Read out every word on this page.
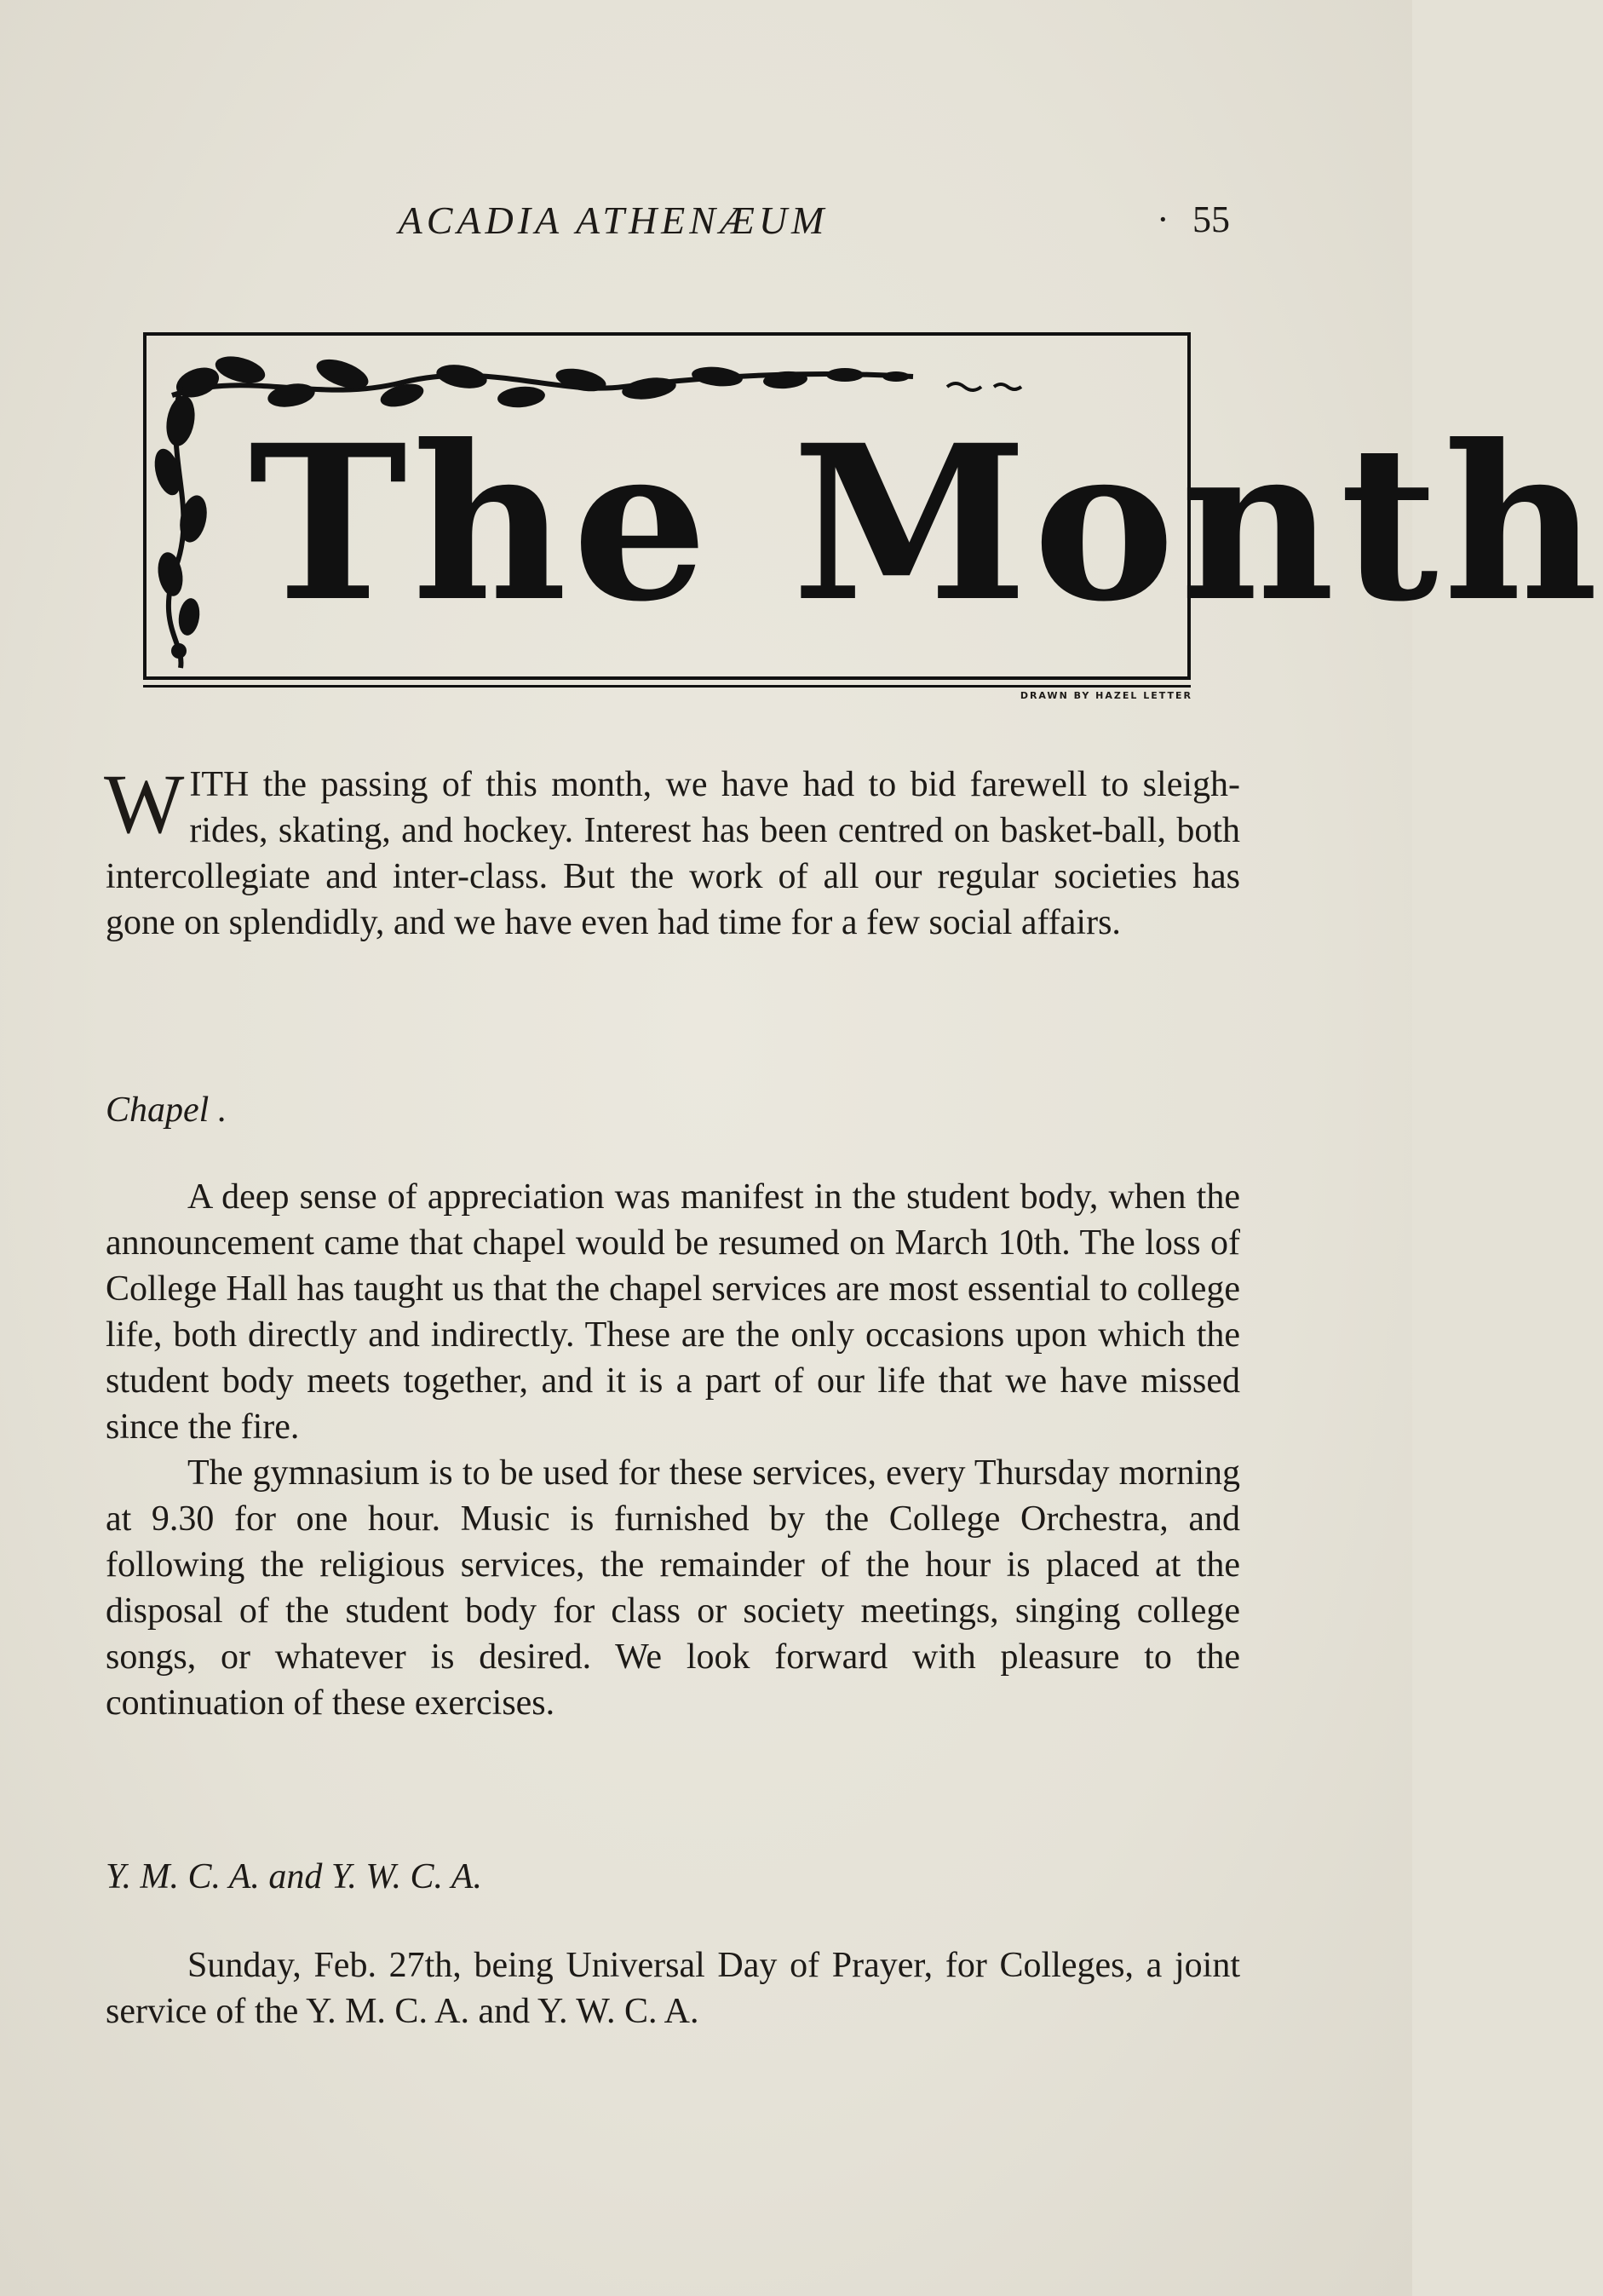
ACADIA ATHENÆUM	· 55
The Month
DRAWN BY HAZEL LETTER
W ITH the passing of this month, we have had to bid farewell to sleigh-rides, skating, and hockey. Interest has been centred on basket-ball, both intercollegiate and inter-class. But the work of all our regular societies has gone on splendidly, and we have even had time for a few social affairs.
Chapel .

A deep sense of appreciation was manifest in the student body, when the announcement came that chapel would be resumed on March 10th. The loss of College Hall has taught us that the chapel services are most essential to college life, both directly and indirectly. These are the only occasions upon which the student body meets together, and it is a part of our life that we have missed since the fire.

The gymnasium is to be used for these services, every Thursday morning at 9.30 for one hour. Music is furnished by the College Orchestra, and following the religious services, the remainder of the hour is placed at the disposal of the student body for class or society meetings, singing college songs, or whatever is desired. We look forward with pleasure to the continuation of these exercises.

Y. M. C. A. and Y. W. C. A.

Sunday, Feb. 27th, being Universal Day of Prayer, for Colleges, a joint service of the Y. M. C. A. and Y. W. C. A.
